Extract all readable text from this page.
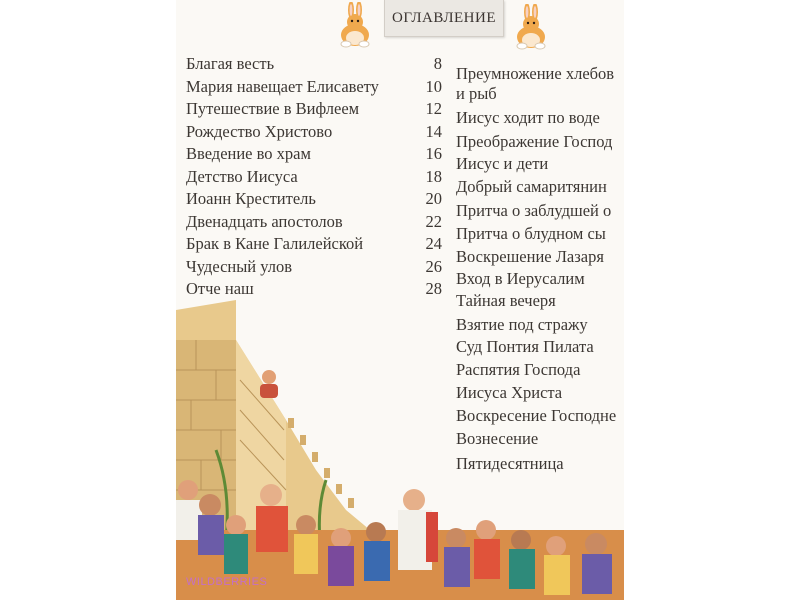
ОГЛАВЛЕНИЕ
Благая весть	8
Мария навещает Елисавету	10
Путешествие в Вифлеем	12
Рождество Христово	14
Введение во храм	16
Детство Иисуса	18
Иоанн Креститель	20
Двенадцать апостолов	22
Брак в Кане Галилейской	24
Чудесный улов	26
Отче наш	28
Преумножение хлебов
и рыб
Иисус ходит по воде
Преображение Господ
Иисус и дети
Добрый самаритянин
Притча о заблудшей о
Притча о блудном сы
Воскрешение Лазаря
Вход в Иерусалим
Тайная вечеря
Взятие под стражу
Суд Понтия Пилата
Распятия Господа
Иисуса Христа
Воскресение Господне
Вознесение
Пятидесятница
WILDBERRIES
